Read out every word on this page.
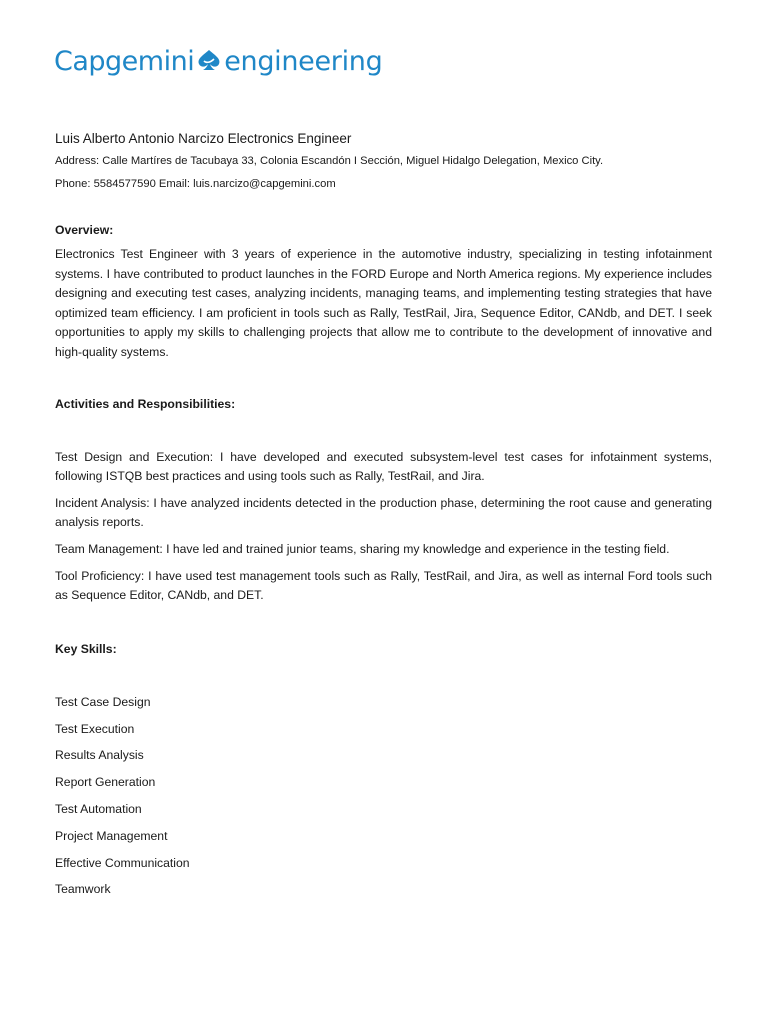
Capgemini engineering

Luis Alberto Antonio Narcizo Electronics Engineer

Address: Calle Martíres de Tacubaya 33, Colonia Escandón I Sección, Miguel Hidalgo Delegation, Mexico City.

Phone: 5584577590 Email: luis.narcizo@capgemini.com

Overview:

Electronics Test Engineer with 3 years of experience in the automotive industry, specializing in testing infotainment systems. I have contributed to product launches in the FORD Europe and North America regions. My experience includes designing and executing test cases, analyzing incidents, managing teams, and implementing testing strategies that have optimized team efficiency. I am proficient in tools such as Rally, TestRail, Jira, Sequence Editor, CANdb, and DET. I seek opportunities to apply my skills to challenging projects that allow me to contribute to the development of innovative and high-quality systems.

Activities and Responsibilities:

Test Design and Execution: I have developed and executed subsystem-level test cases for infotainment systems, following ISTQB best practices and using tools such as Rally, TestRail, and Jira.

Incident Analysis: I have analyzed incidents detected in the production phase, determining the root cause and generating analysis reports.

Team Management: I have led and trained junior teams, sharing my knowledge and experience in the testing field.

Tool Proficiency: I have used test management tools such as Rally, TestRail, and Jira, as well as internal Ford tools such as Sequence Editor, CANdb, and DET.

Key Skills:

Test Case Design

Test Execution

Results Analysis

Report Generation

Test Automation

Project Management

Effective Communication

Teamwork
